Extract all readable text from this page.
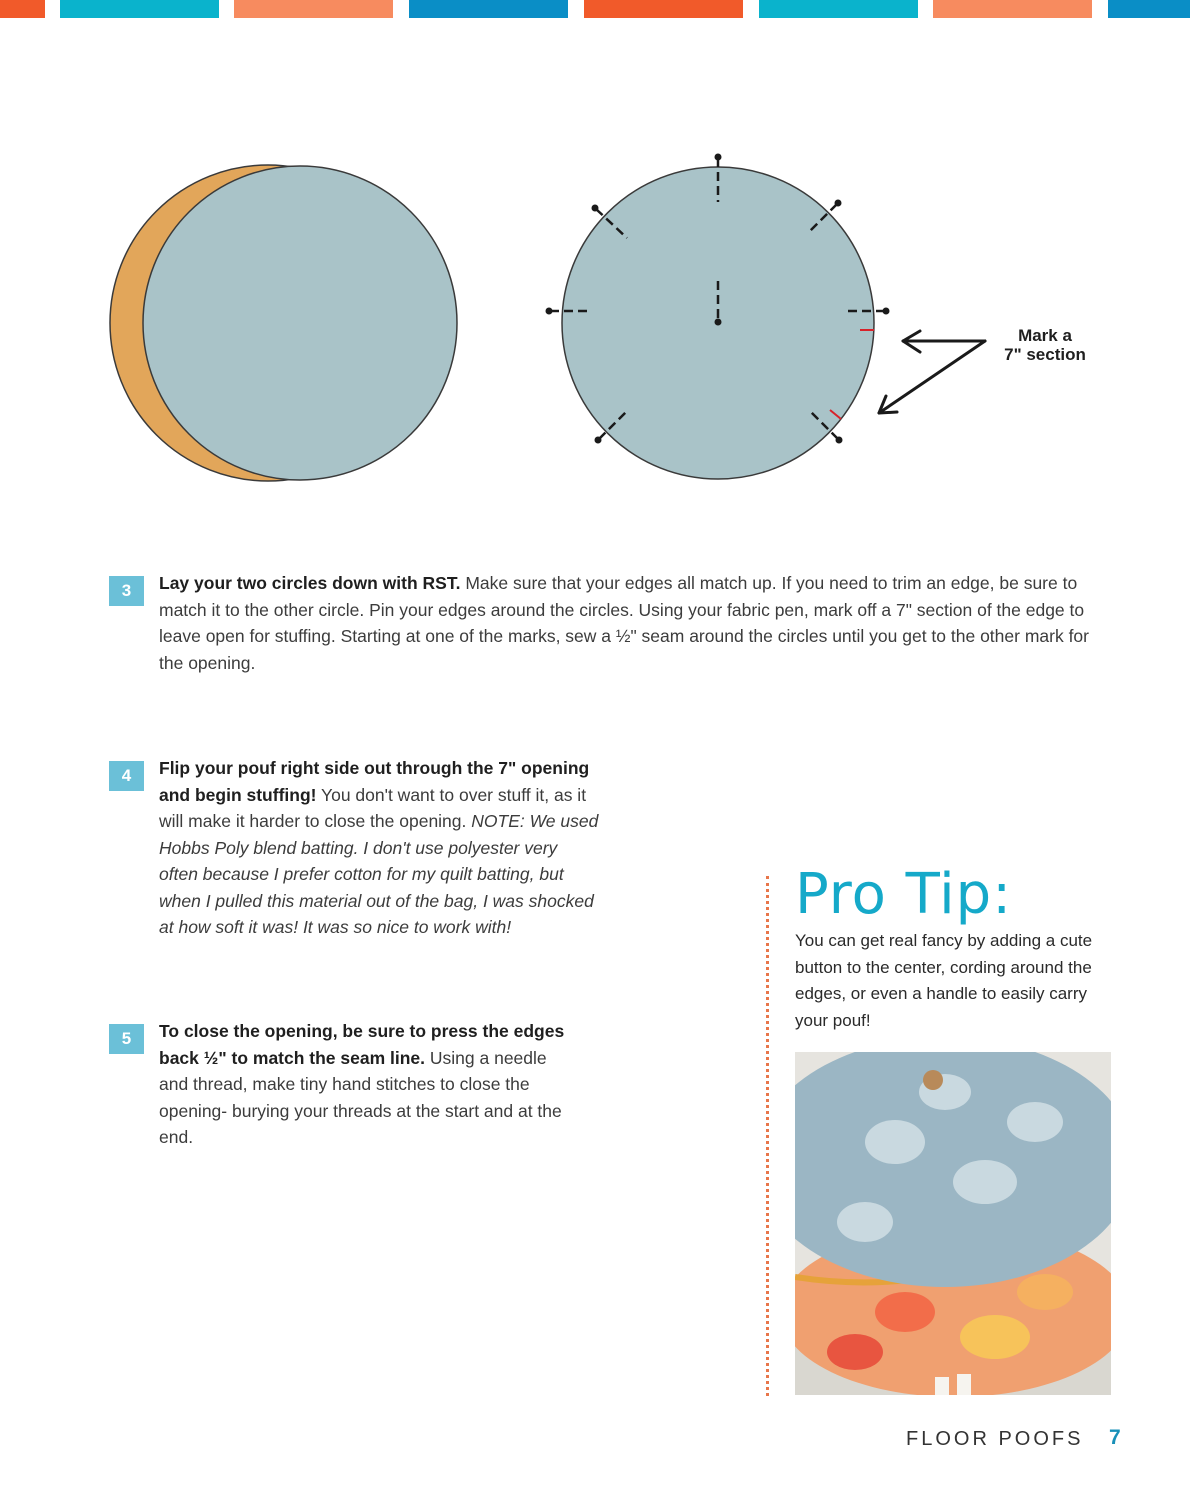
Mark a
7" section
3	Lay your two circles down with RST. Make sure that your edges all match up. If you need to trim an edge, be sure to match it to the other circle. Pin your edges around the circles. Using your fabric pen, mark off a 7" section of the edge to leave open for stuffing. Starting at one of the marks, sew a ½" seam around the circles until you get to the other mark for the opening.
4	Flip your pouf right side out through the 7" opening and begin stuffing! You don't want to over stuff it, as it will make it harder to close the opening. NOTE: We used Hobbs Poly blend batting. I don't use polyester very often because I prefer cotton for my quilt batting, but when I pulled this material out of the bag, I was shocked at how soft it was! It was so nice to work with!
5	To close the opening, be sure to press the edges back ½" to match the seam line. Using a needle and thread, make tiny hand stitches to close the opening- burying your threads at the start and at the end.
Pro Tip:
You can get real fancy by adding a cute button to the center, cording around the edges, or even a handle to easily carry your pouf!
FLOOR POOFS 7
